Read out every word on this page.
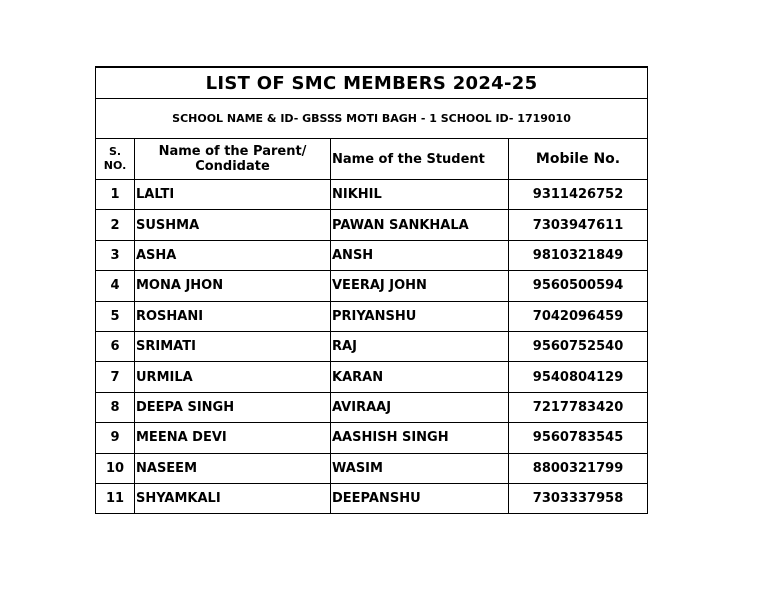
LIST OF SMC MEMBERS 2024-25			
SCHOOL NAME & ID- GBSSS MOTI BAGH - 1 SCHOOL ID- 1719010			
S. NO.	Name of the Parent/ Condidate	Name of the Student	Mobile No.
1	LALTI	NIKHIL	9311426752
2	SUSHMA	PAWAN SANKHALA	7303947611
3	ASHA	ANSH	9810321849
4	MONA JHON	VEERAJ JOHN	9560500594
5	ROSHANI	PRIYANSHU	7042096459
6	SRIMATI	RAJ	9560752540
7	URMILA	KARAN	9540804129
8	DEEPA SINGH	AVIRAAJ	7217783420
9	MEENA DEVI	AASHISH SINGH	9560783545
10	NASEEM	WASIM	8800321799
11	SHYAMKALI	DEEPANSHU	7303337958
